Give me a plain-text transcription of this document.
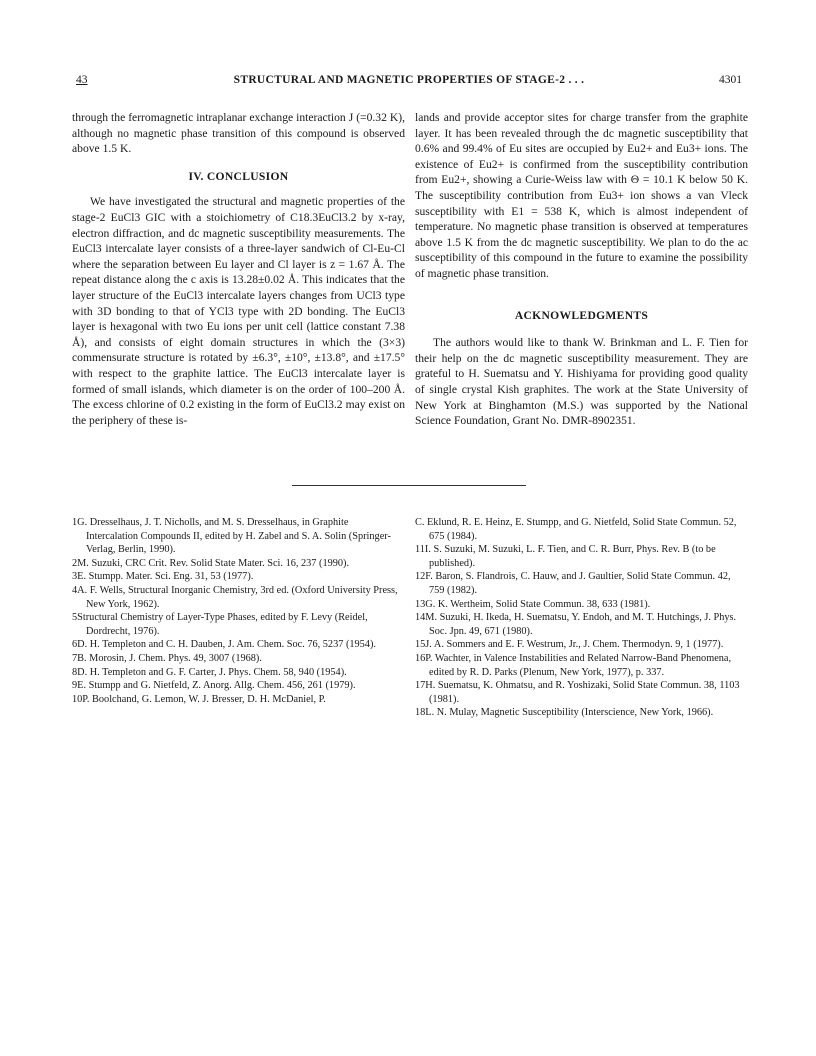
43	STRUCTURAL AND MAGNETIC PROPERTIES OF STAGE-2 . . .	4301

through the ferromagnetic intraplanar exchange interaction J (=0.32 K), although no magnetic phase transition of this compound is observed above 1.5 K.

IV. CONCLUSION

We have investigated the structural and magnetic properties of the stage-2 EuCl3 GIC with a stoichiometry of C18.3EuCl3.2 by x-ray, electron diffraction, and dc magnetic susceptibility measurements. The EuCl3 intercalate layer consists of a three-layer sandwich of Cl-Eu-Cl where the separation between Eu layer and Cl layer is z = 1.67 Å. The repeat distance along the c axis is 13.28±0.02 Å. This indicates that the layer structure of the EuCl3 intercalate layers changes from UCl3 type with 3D bonding to that of YCl3 type with 2D bonding. The EuCl3 layer is hexagonal with two Eu ions per unit cell (lattice constant 7.38 Å), and consists of eight domain structures in which the (3×3) commensurate structure is rotated by ±6.3°, ±10°, ±13.8°, and ±17.5° with respect to the graphite lattice. The EuCl3 intercalate layer is formed of small islands, which diameter is on the order of 100–200 Å. The excess chlorine of 0.2 existing in the form of EuCl3.2 may exist on the periphery of these is-

lands and provide acceptor sites for charge transfer from the graphite layer. It has been revealed through the dc magnetic susceptibility that 0.6% and 99.4% of Eu sites are occupied by Eu2+ and Eu3+ ions. The existence of Eu2+ is confirmed from the susceptibility contribution from Eu2+, showing a Curie-Weiss law with Θ = 10.1 K below 50 K. The susceptibility contribution from Eu3+ ion shows a van Vleck susceptibility with E1 = 538 K, which is almost independent of temperature. No magnetic phase transition is observed at temperatures above 1.5 K from the dc magnetic susceptibility. We plan to do the ac susceptibility of this compound in the future to examine the possibility of magnetic phase transition.

ACKNOWLEDGMENTS

The authors would like to thank W. Brinkman and L. F. Tien for their help on the dc magnetic susceptibility measurement. They are grateful to H. Suematsu and Y. Hishiyama for providing good quality of single crystal Kish graphites. The work at the State University of New York at Binghamton (M.S.) was supported by the National Science Foundation, Grant No. DMR-8902351.

1G. Dresselhaus, J. T. Nicholls, and M. S. Dresselhaus, in Graphite Intercalation Compounds II, edited by H. Zabel and S. A. Solin (Springer-Verlag, Berlin, 1990).

2M. Suzuki, CRC Crit. Rev. Solid State Mater. Sci. 16, 237 (1990).

3E. Stumpp. Mater. Sci. Eng. 31, 53 (1977).

4A. F. Wells, Structural Inorganic Chemistry, 3rd ed. (Oxford University Press, New York, 1962).

5Structural Chemistry of Layer-Type Phases, edited by F. Levy (Reidel, Dordrecht, 1976).

6D. H. Templeton and C. H. Dauben, J. Am. Chem. Soc. 76, 5237 (1954).

7B. Morosin, J. Chem. Phys. 49, 3007 (1968).

8D. H. Templeton and G. F. Carter, J. Phys. Chem. 58, 940 (1954).

9E. Stumpp and G. Nietfeld, Z. Anorg. Allg. Chem. 456, 261 (1979).

10P. Boolchand, G. Lemon, W. J. Bresser, D. H. McDaniel, P.

C. Eklund, R. E. Heinz, E. Stumpp, and G. Nietfeld, Solid State Commun. 52, 675 (1984).

11I. S. Suzuki, M. Suzuki, L. F. Tien, and C. R. Burr, Phys. Rev. B (to be published).

12F. Baron, S. Flandrois, C. Hauw, and J. Gaultier, Solid State Commun. 42, 759 (1982).

13G. K. Wertheim, Solid State Commun. 38, 633 (1981).

14M. Suzuki, H. Ikeda, H. Suematsu, Y. Endoh, and M. T. Hutchings, J. Phys. Soc. Jpn. 49, 671 (1980).

15J. A. Sommers and E. F. Westrum, Jr., J. Chem. Thermodyn. 9, 1 (1977).

16P. Wachter, in Valence Instabilities and Related Narrow-Band Phenomena, edited by R. D. Parks (Plenum, New York, 1977), p. 337.

17H. Suematsu, K. Ohmatsu, and R. Yoshizaki, Solid State Commun. 38, 1103 (1981).

18L. N. Mulay, Magnetic Susceptibility (Interscience, New York, 1966).
